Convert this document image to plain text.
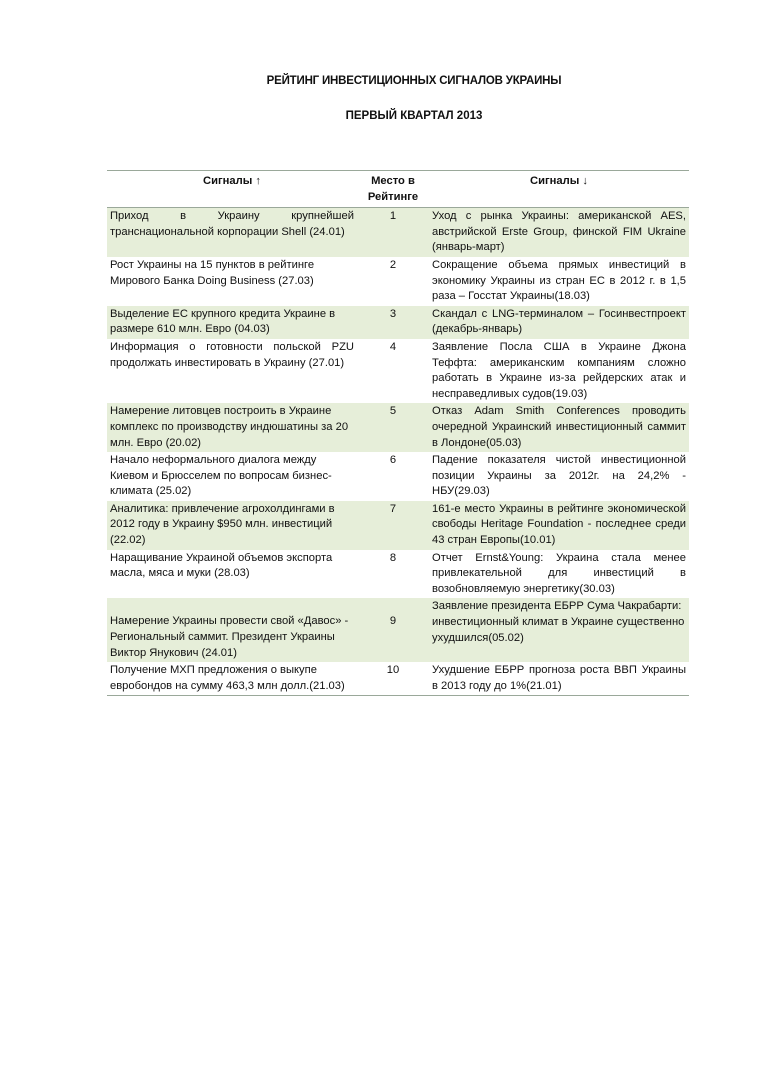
РЕЙТИНГ ИНВЕСТИЦИОННЫХ СИГНАЛОВ УКРАИНЫ
ПЕРВЫЙ КВАРТАЛ 2013
Сигналы ↑	Место в Рейтинге	Сигналы ↓
Приход в Украину крупнейшей транснациональной корпорации Shell (24.01)	1	Уход с рынка Украины: американской AES, австрийской Erste Group, финской FIM Ukraine (январь-март)
Рост Украины на 15 пунктов в рейтинге Мирового Банка Doing Business (27.03)	2	Сокращение объема прямых инвестиций в экономику Украины из стран ЕС в 2012 г. в 1,5 раза – Госстат Украины(18.03)
Выделение ЕС крупного кредита Украине в размере 610 млн. Евро (04.03)	3	Скандал с LNG-терминалом – Госинвестпроект (декабрь-январь)
Информация о готовности польской PZU продолжать инвестировать в Украину (27.01)	4	Заявление Посла США в Украине Джона Теффта: американским компаниям сложно работать в Украине из-за рейдерских атак и несправедливых судов(19.03)
Намерение литовцев построить в Украине комплекс по производству индюшатины за 20 млн. Евро (20.02)	5	Отказ Adam Smith Conferences проводить очередной Украинский инвестиционный саммит в Лондоне(05.03)
Начало неформального диалога между Киевом и Брюсселем по вопросам бизнес-климата (25.02)	6	Падение показателя чистой инвестиционной позиции Украины за 2012г. на 24,2% - НБУ(29.03)
Аналитика: привлечение агрохолдингами в 2012 году в Украину $950 млн. инвестиций (22.02)	7	161-е место Украины в рейтинге экономической свободы Heritage Foundation - последнее среди 43 стран Европы(10.01)
Наращивание Украиной объемов экспорта масла, мяса и муки (28.03)	8	Отчет Ernst&Young: Украина стала менее привлекательной для инвестиций в возобновляемую энергетику(30.03)
Намерение Украины провести свой «Давос» - Региональный саммит. Президент Украины Виктор Янукович (24.01)	9	Заявление президента ЕБРР Сума Чакрабарти: инвестиционный климат в Украине существенно ухудшился(05.02)
Получение МХП предложения о выкупе евробондов на сумму 463,3 млн долл.(21.03)	10	Ухудшение ЕБРР прогноза роста ВВП Украины в 2013 году до 1%(21.01)
